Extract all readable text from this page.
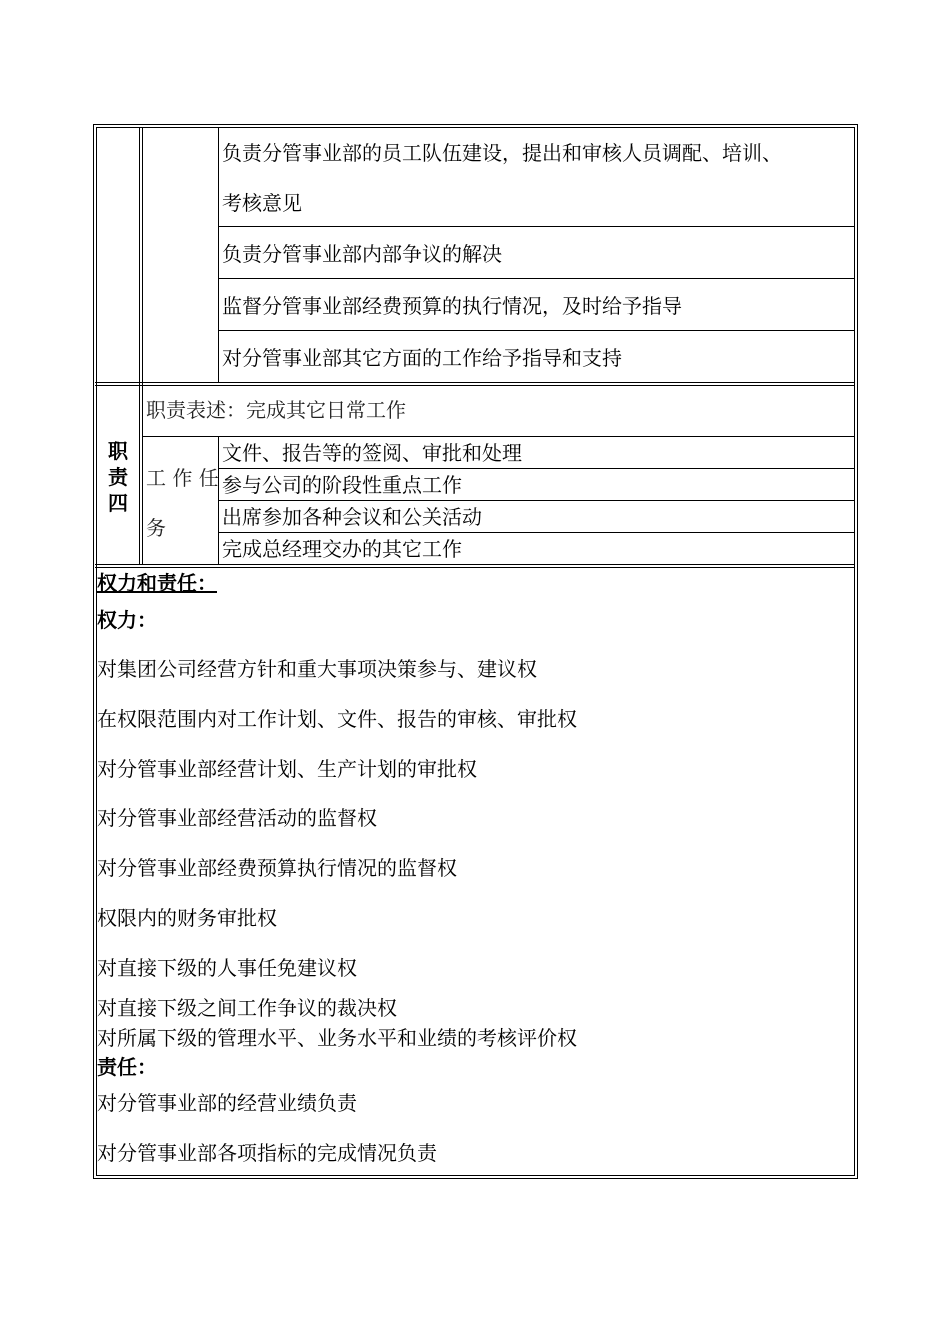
负责分管事业部的员工队伍建设，提出和审核人员调配、培训、
考核意见
负责分管事业部内部争议的解决
监督分管事业部经费预算的执行情况，及时给予指导
对分管事业部其它方面的工作给予指导和支持
职
责
四
职责表述：完成其它日常工作
工 作 任
务
文件、报告等的签阅、审批和处理
参与公司的阶段性重点工作
出席参加各种会议和公关活动
完成总经理交办的其它工作
权力和责任：
权力：
对集团公司经营方针和重大事项决策参与、建议权
在权限范围内对工作计划、文件、报告的审核、审批权
对分管事业部经营计划、生产计划的审批权
对分管事业部经营活动的监督权
对分管事业部经费预算执行情况的监督权
权限内的财务审批权
对直接下级的人事任免建议权
对直接下级之间工作争议的裁决权
对所属下级的管理水平、业务水平和业绩的考核评价权
责任：
对分管事业部的经营业绩负责
对分管事业部各项指标的完成情况负责
